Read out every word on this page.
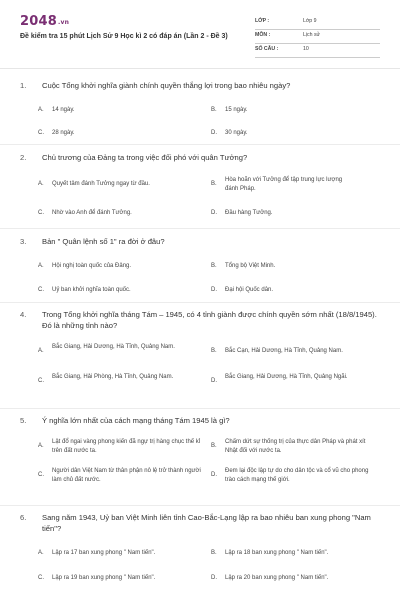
2048.vn
Đề kiểm tra 15 phút Lịch Sử 9 Học kì 2 có đáp án (Lần 2 - Đề 3)
LỚP :	Lớp 9
MÔN :	Lịch sử
SỐ CÂU :	10
1.	Cuộc Tổng khởi nghĩa giành chính quyền thắng lợi trong bao nhiêu ngày?
A. 14 ngày.	B. 15 ngày.
C. 28 ngày.	D. 30 ngày.
2.	Chủ trương của Đảng ta trong việc đối phó với quân Tưởng?
A. Quyết tâm đánh Tưởng ngay từ đầu.	B.
Hòa hoãn với Tưởng để tập trung lực lượng đánh Pháp.
C. Nhờ vào Anh để đánh Tưởng.	D. Đầu hàng Tưởng.
3.	Bản " Quân lệnh số 1" ra đời ở đâu?
A. Hội nghị toàn quốc của Đảng.	B. Tổng bộ Việt Minh.
C. Uỷ ban khởi nghĩa toàn quốc.	D. Đại hội Quốc dân.
4.	Trong Tổng khởi nghĩa tháng Tám – 1945, có 4 tỉnh giành được chính quyền sớm nhất (18/8/1945). Đó là những tỉnh nào?
A.
Bắc Giang, Hải Dương, Hà Tĩnh, Quảng Nam.
B. Bắc Cạn, Hải Dương, Hà Tĩnh, Quảng Nam.
C.
Bắc Giang, Hải Phòng, Hà Tĩnh, Quảng Nam.
D.
Bắc Giang, Hải Dương, Hà Tĩnh, Quảng Ngãi.
5.	Ý nghĩa lớn nhất của cách mạng tháng Tám 1945 là gì?
A.
Lật đổ ngai vàng phong kiến đã ngự trị hàng chục thế kỉ trên đất nước ta.
B.
Chấm dứt sự thống trị của thực dân Pháp và phát xít Nhật đối với nước ta.
C.
Người dân Việt Nam từ thân phận nô lệ trở thành người làm chủ đất nước.
D.
Đem lại độc lập tự do cho dân tộc và cổ vũ cho phong trào cách mạng thế giới.
6.	Sang năm 1943, Uỷ ban Việt Minh liên tỉnh Cao-Bắc-Lạng lập ra bao nhiêu ban xung phong "Nam tiến"?
A. Lập ra 17 ban xung phong " Nam tiến".	B. Lập ra 18 ban xung phong " Nam tiến".
C. Lập ra 19 ban xung phong " Nam tiến".	D. Lập ra 20 ban xung phong " Nam tiến".
